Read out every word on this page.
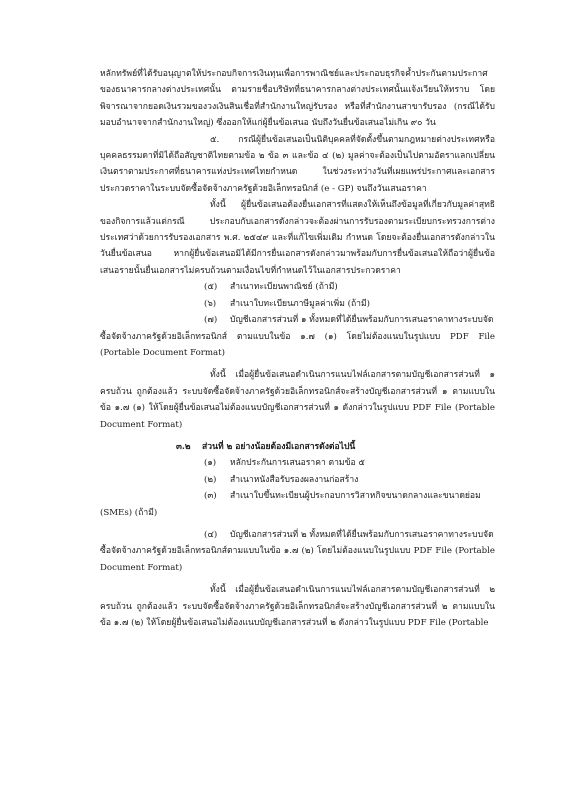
หลักทรัพย์ที่ได้รับอนุญาตให้ประกอบกิจการเงินทุนเพื่อการพาณิชย์และประกอบธุรกิจค้ำประกันตามประกาศของธนาคารกลางต่างประเทศนั้น ตามรายชื่อบริษัทที่ธนาคารกลางต่างประเทศนั้นแจ้งเวียนให้ทราบ โดยพิจารณาจากยอดเงินรวมของวงเงินสินเชื่อที่สำนักงานใหญ่รับรอง หรือที่สำนักงานสาขารับรอง (กรณีได้รับมอบอำนาจจากสำนักงานใหญ่) ซึ่งออกให้แก่ผู้ยื่นข้อเสนอ นับถึงวันยื่นข้อเสนอไม่เกิน ๙๐ วัน

๕. กรณีผู้ยื่นข้อเสนอเป็นนิติบุคคลที่จัดตั้งขึ้นตามกฎหมายต่างประเทศหรือบุคคลธรรมดาที่มิได้ถือสัญชาติไทยตามข้อ ๒ ข้อ ๓ และข้อ ๔ (๒) มูลค่าจะต้องเป็นไปตามอัตราแลกเปลี่ยนเงินตราตามประกาศที่ธนาคารแห่งประเทศไทยกำหนด ในช่วงระหว่างวันที่เผยแพร่ประกาศและเอกสารประกวดราคาในระบบจัดซื้อจัดจ้างภาครัฐด้วยอิเล็กทรอนิกส์ (e - GP) จนถึงวันเสนอราคา

ทั้งนี้ ผู้ยื่นข้อเสนอต้องยื่นเอกสารที่แสดงให้เห็นถึงข้อมูลที่เกี่ยวกับมูลค่าสุทธิของกิจการแล้วแต่กรณี ประกอบกับเอกสารดังกล่าวจะต้องผ่านการรับรองตามระเบียบกระทรวงการต่างประเทศว่าด้วยการรับรองเอกสาร พ.ศ. ๒๕๔๙ และที่แก้ไขเพิ่มเติม กำหนด โดยจะต้องยื่นเอกสารดังกล่าวในวันยื่นข้อเสนอ หากผู้ยื่นข้อเสนอมิได้มีการยื่นเอกสารดังกล่าวมาพร้อมกับการยื่นข้อเสนอให้ถือว่าผู้ยื่นข้อเสนอรายนั้นยื่นเอกสารไม่ครบถ้วนตามเงื่อนไขที่กำหนดไว้ในเอกสารประกวดราคา

(๕)	สำเนาทะเบียนพาณิชย์ (ถ้ามี)
(๖)	สำเนาใบทะเบียนภาษีมูลค่าเพิ่ม (ถ้ามี)
(๗)	บัญชีเอกสารส่วนที่ ๑ ทั้งหมดที่ได้ยื่นพร้อมกับการเสนอราคาทางระบบจัด

ซื้อจัดจ้างภาครัฐด้วยอิเล็กทรอนิกส์ ตามแบบในข้อ ๑.๗ (๑) โดยไม่ต้องแนบในรูปแบบ PDF File (Portable Document Format)

ทั้งนี้ เมื่อผู้ยื่นข้อเสนอดำเนินการแนบไฟล์เอกสารตามบัญชีเอกสารส่วนที่ ๑ ครบถ้วน ถูกต้องแล้ว ระบบจัดซื้อจัดจ้างภาครัฐด้วยอิเล็กทรอนิกส์จะสร้างบัญชีเอกสารส่วนที่ ๑ ตามแบบในข้อ ๑.๗ (๑) ให้โดยผู้ยื่นข้อเสนอไม่ต้องแนบบัญชีเอกสารส่วนที่ ๑ ดังกล่าวในรูปแบบ PDF File (Portable Document Format)

๓.๒	ส่วนที่ ๒ อย่างน้อยต้องมีเอกสารดังต่อไปนี้
(๑)	หลักประกันการเสนอราคา ตามข้อ ๕
(๒)	สำเนาหนังสือรับรองผลงานก่อสร้าง
(๓)	สำเนาใบขึ้นทะเบียนผู้ประกอบการวิสาหกิจขนาดกลางและขนาดย่อม

(SMEs) (ถ้ามี)

(๔)	บัญชีเอกสารส่วนที่ ๒ ทั้งหมดที่ได้ยื่นพร้อมกับการเสนอราคาทางระบบจัด

ซื้อจัดจ้างภาครัฐด้วยอิเล็กทรอนิกส์ตามแบบในข้อ ๑.๗ (๒) โดยไม่ต้องแนบในรูปแบบ PDF File (Portable Document Format)

ทั้งนี้ เมื่อผู้ยื่นข้อเสนอดำเนินการแนบไฟล์เอกสารตามบัญชีเอกสารส่วนที่ ๒ ครบถ้วน ถูกต้องแล้ว ระบบจัดซื้อจัดจ้างภาครัฐด้วยอิเล็กทรอนิกส์จะสร้างบัญชีเอกสารส่วนที่ ๒ ตามแบบในข้อ ๑.๗ (๒) ให้โดยผู้ยื่นข้อเสนอไม่ต้องแนบบัญชีเอกสารส่วนที่ ๒ ดังกล่าวในรูปแบบ PDF File (Portable
